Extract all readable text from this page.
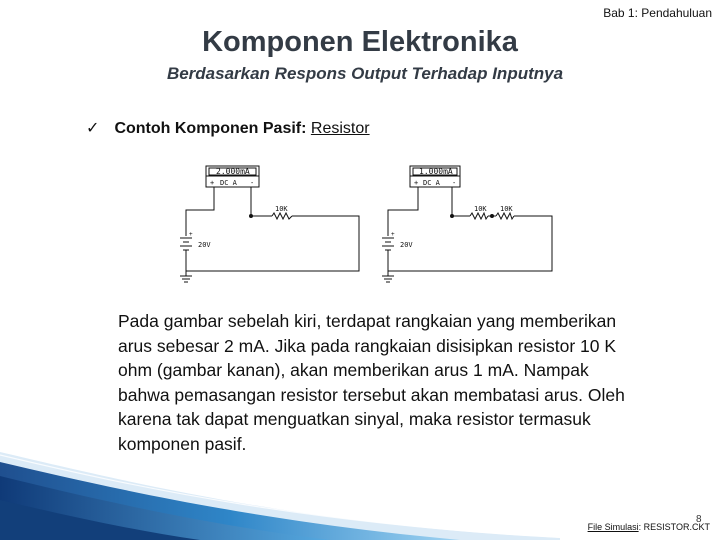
Bab 1: Pendahuluan
Komponen Elektronika
Berdasarkan Respons Output Terhadap Inputnya
✓ Contoh Komponen Pasif: Resistor
2.000mA
+ DC A -
10K
20V
+
1.000mA
+ DC A -
10K 10K
20V
+

Pada gambar sebelah kiri, terdapat rangkaian yang memberikan arus sebesar 2 mA. Jika pada rangkaian disisipkan resistor 10 K ohm (gambar kanan), akan memberikan arus 1 mA. Nampak bahwa pemasangan resistor tersebut akan membatasi arus. Oleh karena tak dapat menguatkan sinyal, maka resistor termasuk komponen pasif.

8
File Simulasi: RESISTOR.CKT
